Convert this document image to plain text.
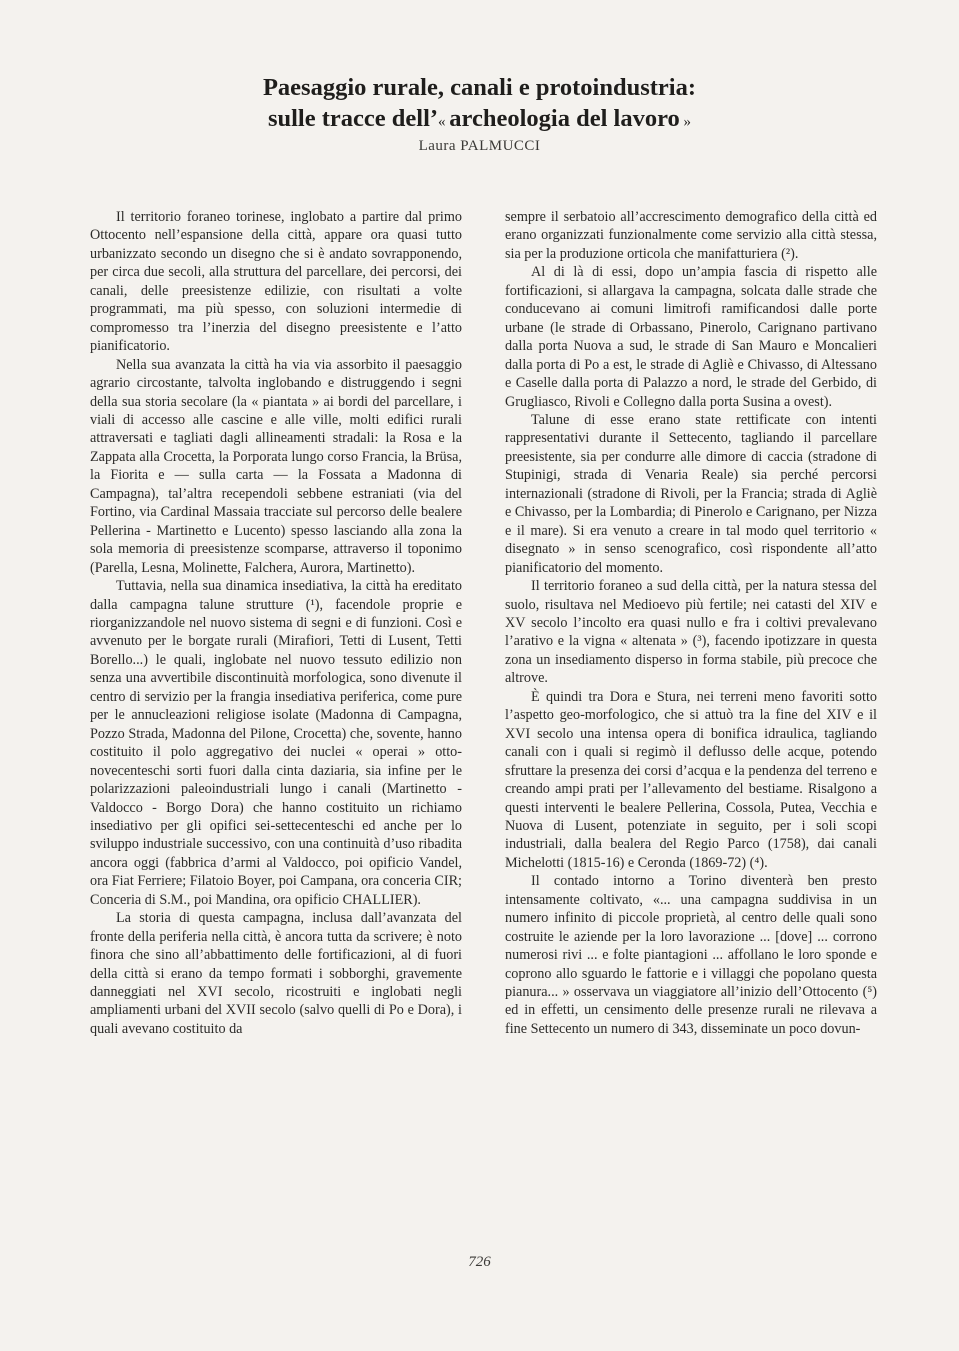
Paesaggio rurale, canali e protoindustria:
sulle tracce dell’« archeologia del lavoro »
Laura PALMUCCI

Il territorio foraneo torinese, inglobato a partire dal primo Ottocento nell’espansione della città, appare ora quasi tutto urbanizzato secondo un disegno che si è andato sovrapponendo, per circa due secoli, alla struttura del parcellare, dei percorsi, dei canali, delle preesistenze edilizie, con risultati a volte programmati, ma più spesso, con soluzioni intermedie di compromesso tra l’inerzia del disegno preesistente e l’atto pianificatorio.

Nella sua avanzata la città ha via via assorbito il paesaggio agrario circostante, talvolta inglobando e distruggendo i segni della sua storia secolare (la « piantata » ai bordi del parcellare, i viali di accesso alle cascine e alle ville, molti edifici rurali attraversati e tagliati dagli allineamenti stradali: la Rosa e la Zappata alla Crocetta, la Porporata lungo corso Francia, la Brüsa, la Fiorita e — sulla carta — la Fossata a Madonna di Campagna), tal’altra recependoli sebbene estraniati (via del Fortino, via Cardinal Massaia tracciate sul percorso delle bealere Pellerina - Martinetto e Lucento) spesso lasciando alla zona la sola memoria di preesistenze scomparse, attraverso il toponimo (Parella, Lesna, Molinette, Falchera, Aurora, Martinetto).

Tuttavia, nella sua dinamica insediativa, la città ha ereditato dalla campagna talune strutture (¹), facendole proprie e riorganizzandole nel nuovo sistema di segni e di funzioni. Così e avvenuto per le borgate rurali (Mirafiori, Tetti di Lusent, Tetti Borello...) le quali, inglobate nel nuovo tessuto edilizio non senza una avvertibile discontinuità morfologica, sono divenute il centro di servizio per la frangia insediativa periferica, come pure per le annucleazioni religiose isolate (Madonna di Campagna, Pozzo Strada, Madonna del Pilone, Crocetta) che, sovente, hanno costituito il polo aggregativo dei nuclei « operai » otto-novecenteschi sorti fuori dalla cinta daziaria, sia infine per le polarizzazioni paleoindustriali lungo i canali (Martinetto - Valdocco - Borgo Dora) che hanno costituito un richiamo insediativo per gli opifici sei-settecenteschi ed anche per lo sviluppo industriale successivo, con una continuità d’uso ribadita ancora oggi (fabbrica d’armi al Valdocco, poi opificio Vandel, ora Fiat Ferriere; Filatoio Boyer, poi Campana, ora conceria CIR; Conceria di S.M., poi Mandina, ora opificio CHALLIER).

La storia di questa campagna, inclusa dall’avanzata del fronte della periferia nella città, è ancora tutta da scrivere; è noto finora che sino all’abbattimento delle fortificazioni, al di fuori della città si erano da tempo formati i sobborghi, gravemente danneggiati nel XVI secolo, ricostruiti e inglobati negli ampliamenti urbani del XVII secolo (salvo quelli di Po e Dora), i quali avevano costituito da

sempre il serbatoio all’accrescimento demografico della città ed erano organizzati funzionalmente come servizio alla città stessa, sia per la produzione orticola che manifatturiera (²).

Al di là di essi, dopo un’ampia fascia di rispetto alle fortificazioni, si allargava la campagna, solcata dalle strade che conducevano ai comuni limitrofi ramificandosi dalle porte urbane (le strade di Orbassano, Pinerolo, Carignano partivano dalla porta Nuova a sud, le strade di San Mauro e Moncalieri dalla porta di Po a est, le strade di Agliè e Chivasso, di Altessano e Caselle dalla porta di Palazzo a nord, le strade del Gerbido, di Grugliasco, Rivoli e Collegno dalla porta Susina a ovest).

Talune di esse erano state rettificate con intenti rappresentativi durante il Settecento, tagliando il parcellare preesistente, sia per condurre alle dimore di caccia (stradone di Stupinigi, strada di Venaria Reale) sia perché percorsi internazionali (stradone di Rivoli, per la Francia; strada di Agliè e Chivasso, per la Lombardia; di Pinerolo e Carignano, per Nizza e il mare). Si era venuto a creare in tal modo quel territorio « disegnato » in senso scenografico, così rispondente all’atto pianificatorio del momento.

Il territorio foraneo a sud della città, per la natura stessa del suolo, risultava nel Medioevo più fertile; nei catasti del XIV e XV secolo l’incolto era quasi nullo e fra i coltivi prevalevano l’arativo e la vigna « altenata » (³), facendo ipotizzare in questa zona un insediamento disperso in forma stabile, più precoce che altrove.

È quindi tra Dora e Stura, nei terreni meno favoriti sotto l’aspetto geo-morfologico, che si attuò tra la fine del XIV e il XVI secolo una intensa opera di bonifica idraulica, tagliando canali con i quali si regimò il deflusso delle acque, potendo sfruttare la presenza dei corsi d’acqua e la pendenza del terreno e creando ampi prati per l’allevamento del bestiame. Risalgono a questi interventi le bealere Pellerina, Cossola, Putea, Vecchia e Nuova di Lusent, potenziate in seguito, per i soli scopi industriali, dalla bealera del Regio Parco (1758), dai canali Michelotti (1815-16) e Ceronda (1869-72) (⁴).

Il contado intorno a Torino diventerà ben presto intensamente coltivato, «... una campagna suddivisa in un numero infinito di piccole proprietà, al centro delle quali sono costruite le aziende per la loro lavorazione ... [dove] ... corrono numerosi rivi ... e folte piantagioni ... affollano le loro sponde e coprono allo sguardo le fattorie e i villaggi che popolano questa pianura... » osservava un viaggiatore all’inizio dell’Ottocento (⁵) ed in effetti, un censimento delle presenze rurali ne rilevava a fine Settecento un numero di 343, disseminate un poco dovun-

726
